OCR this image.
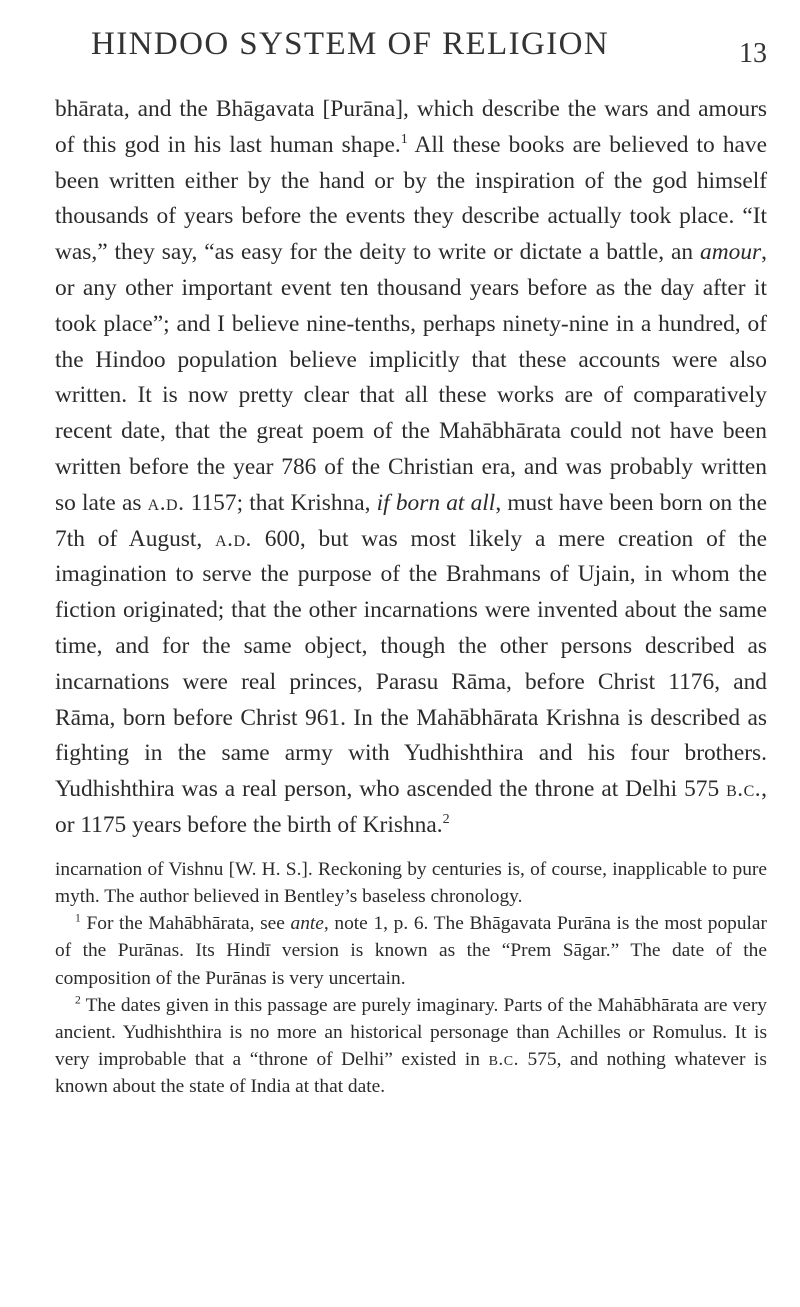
HINDOO SYSTEM OF RELIGION	13

bhārata, and the Bhāgavata [Purāna], which describe the wars and amours of this god in his last human shape.$^1$ All these books are believed to have been written either by the hand or by the inspiration of the god himself thousands of years before the events they describe actually took place. “It was,” they say, “as easy for the deity to write or dictate a battle, an amour, or any other important event ten thousand years before as the day after it took place”; and I believe nine-tenths, perhaps ninety-nine in a hundred, of the Hindoo population believe implicitly that these accounts were also written. It is now pretty clear that all these works are of comparatively recent date, that the great poem of the Mahābhārata could not have been written before the year 786 of the Christian era, and was probably written so late as a.d. 1157; that Krishna, if born at all, must have been born on the 7th of August, a.d. 600, but was most likely a mere creation of the imagination to serve the purpose of the Brahmans of Ujain, in whom the fiction originated; that the other incarnations were invented about the same time, and for the same object, though the other persons described as incarnations were real princes, Parasu Rāma, before Christ 1176, and Rāma, born before Christ 961. In the Mahābhārata Krishna is described as fighting in the same army with Yudhishthira and his four brothers. Yudhishthira was a real person, who ascended the throne at Delhi 575 b.c., or 1175 years before the birth of Krishna.$^2$

incarnation of Vishnu [W. H. S.]. Reckoning by centuries is, of course, inapplicable to pure myth. The author believed in Bentley’s baseless chronology.

$^1$ For the Mahābhārata, see ante, note 1, p. 6. The Bhāgavata Purāna is the most popular of the Purānas. Its Hindī version is known as the “Prem Sāgar.” The date of the composition of the Purānas is very uncertain.

$^2$ The dates given in this passage are purely imaginary. Parts of the Mahābhārata are very ancient. Yudhishthira is no more an historical personage than Achilles or Romulus. It is very improbable that a “throne of Delhi” existed in b.c. 575, and nothing whatever is known about the state of India at that date.
